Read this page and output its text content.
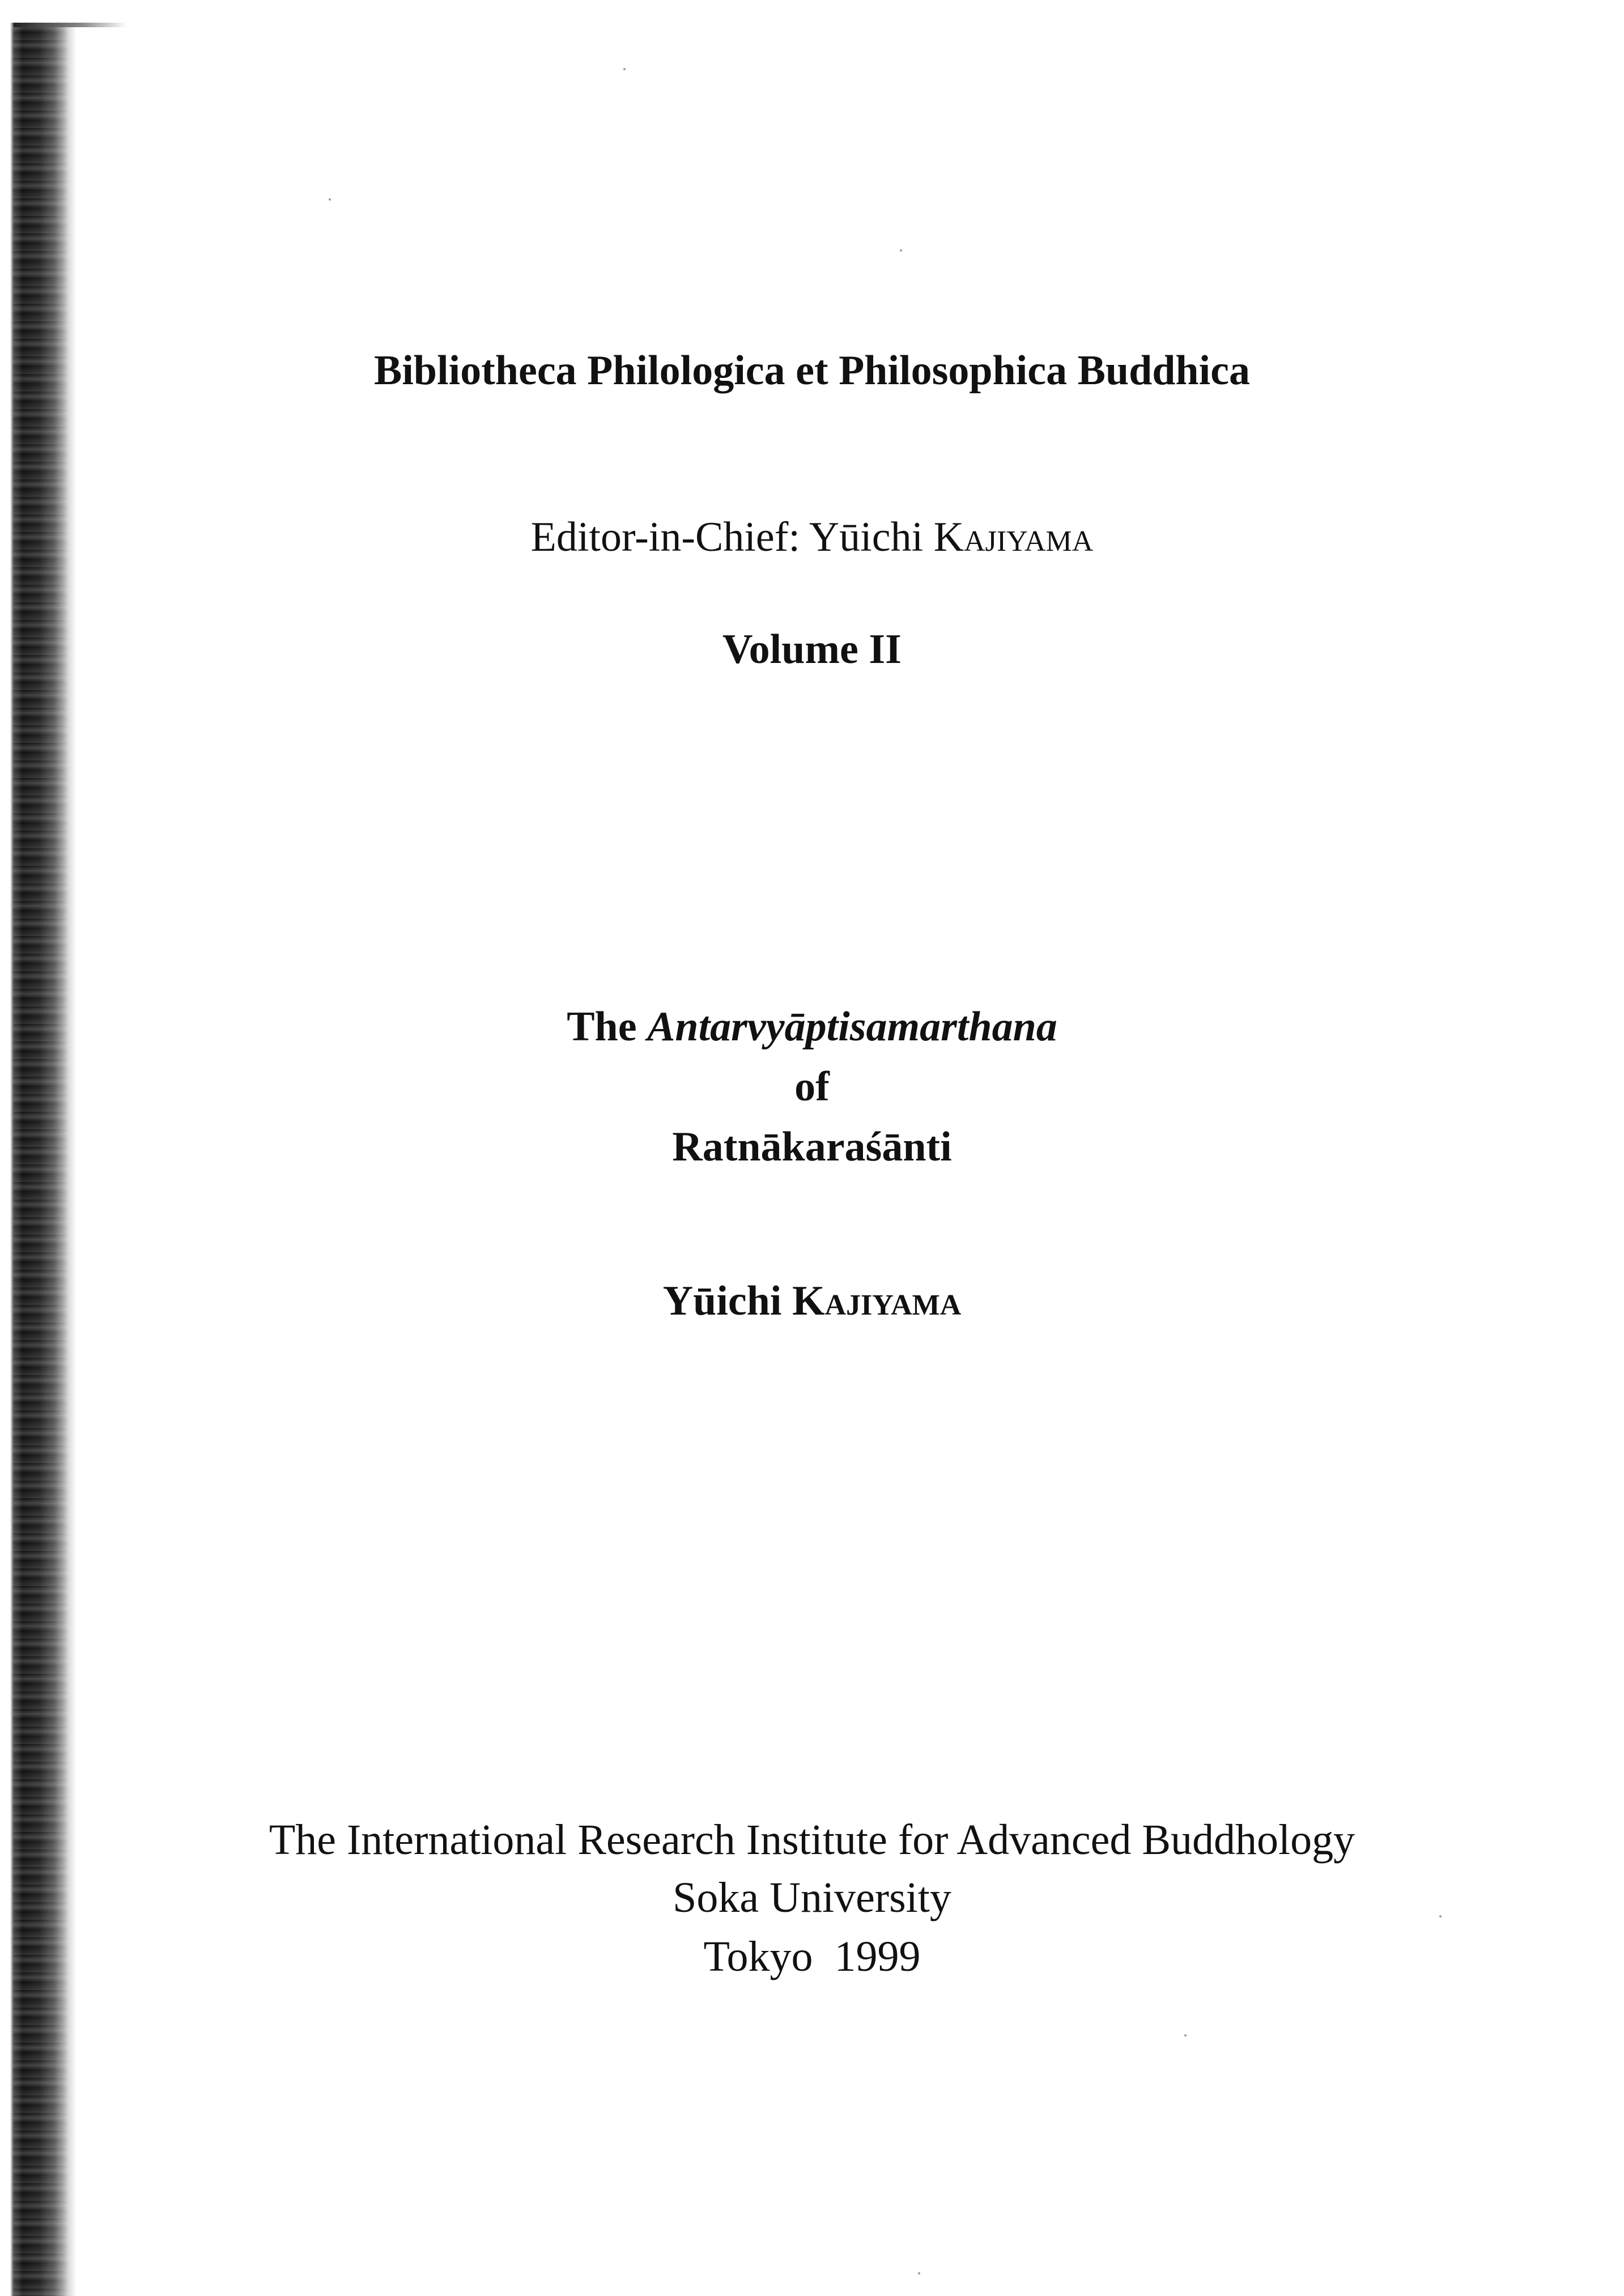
Bibliotheca Philologica et Philosophica Buddhica
Editor-in-Chief: Yūichi Kajiyama
Volume II
The Antarvyāptisamarthana
of
Ratnākaraśānti
Yūichi Kajiyama
The International Research Institute for Advanced Buddhology
Soka University
Tokyo  1999
